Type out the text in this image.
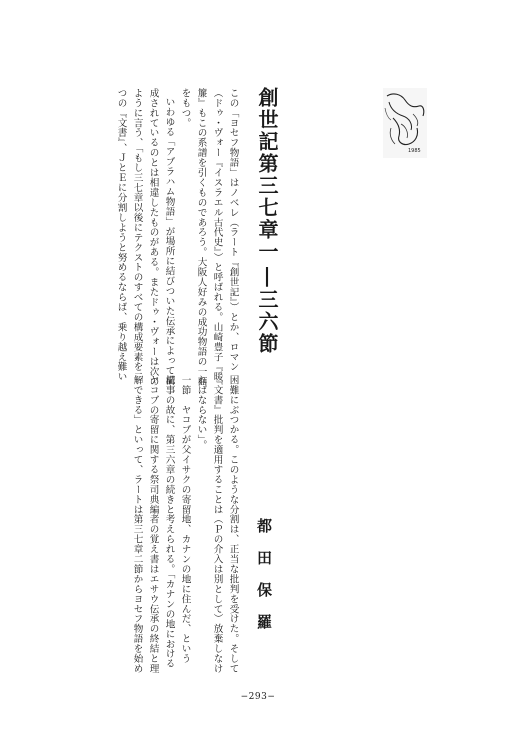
1985
創世記第三七章一|三六節
都田保羅
この「ヨセフ物語」はノベレ（ラート『創世記』）とか、ロマン
（ドゥ・ヴォー『イスラエル古代史』）と呼ばれる。山崎豊子『暖
簾』もこの系譜を引くものであろう。大阪人好みの成功物語の一面
をもつ。
いわゆる「アブラハム物語」が場所に結びついた伝承によって構
成されているのとは相違したものがある。またドゥ・ヴォーは次の
ように言う、「もし三七章以後にテクストのすべての構成要素を二
つの『文書』、ＪとＥに分割しようと努めるならば、乗り越え難い
困難にぶつかる。このような分割は、正当な批判を受けた。そして
『文書』批判を適用することは（Ｐの介入は別として）放棄しなけ
ればならない」。
一節　ヤコブが父イサクの寄留地、カナンの地に住んだ、という
記事の故に、第三六章の続きと考えられる。「カナンの地における
ヤコブの寄留に関する祭司典編者の覚え書はエサウ伝承の終結と理
解できる」といって、ラートは第三七章二節からヨセフ物語を始め
−293−
